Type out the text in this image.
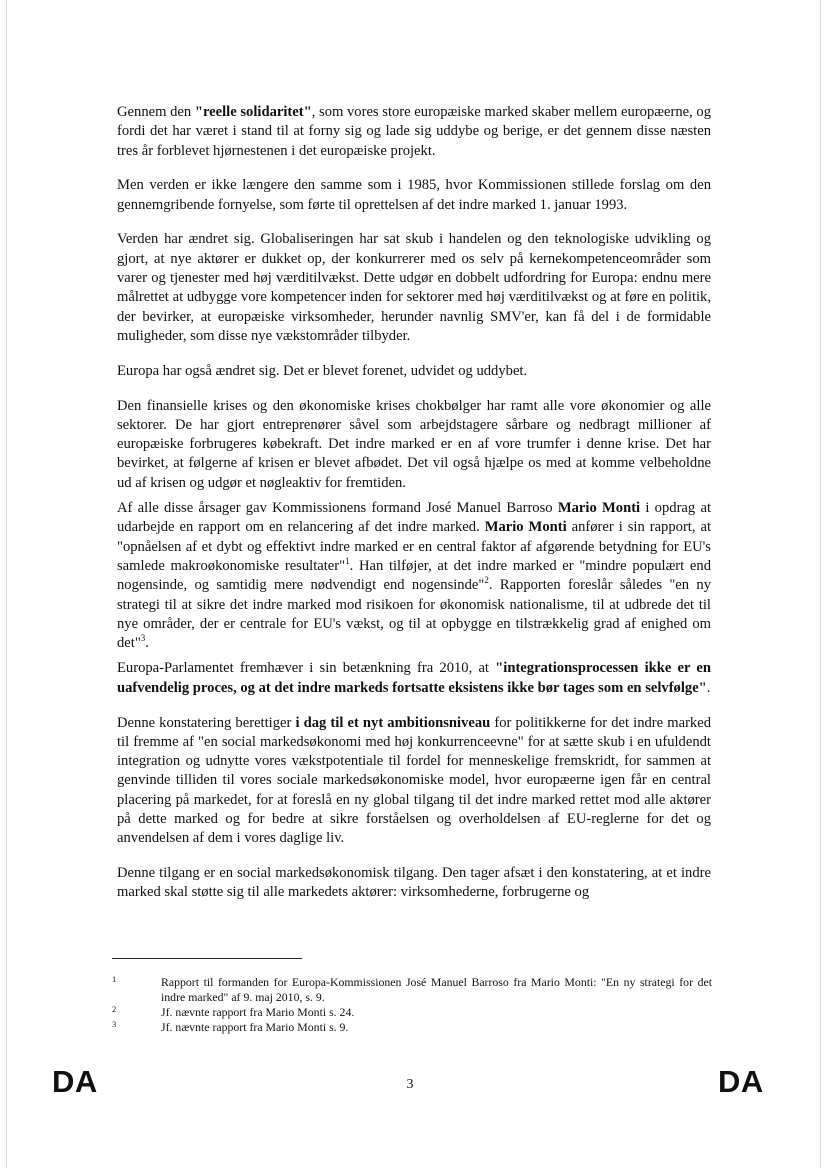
Gennem den "reelle solidaritet", som vores store europæiske marked skaber mellem europæerne, og fordi det har været i stand til at forny sig og lade sig uddybe og berige, er det gennem disse næsten tres år forblevet hjørnestenen i det europæiske projekt.

Men verden er ikke længere den samme som i 1985, hvor Kommissionen stillede forslag om den gennemgribende fornyelse, som førte til oprettelsen af det indre marked 1. januar 1993.

Verden har ændret sig. Globaliseringen har sat skub i handelen og den teknologiske udvikling og gjort, at nye aktører er dukket op, der konkurrerer med os selv på kernekompetenceområder som varer og tjenester med høj værditilvækst. Dette udgør en dobbelt udfordring for Europa: endnu mere målrettet at udbygge vore kompetencer inden for sektorer med høj værditilvækst og at føre en politik, der bevirker, at europæiske virksomheder, herunder navnlig SMV'er, kan få del i de formidable muligheder, som disse nye vækstområder tilbyder.

Europa har også ændret sig. Det er blevet forenet, udvidet og uddybet.

Den finansielle krises og den økonomiske krises chokbølger har ramt alle vore økonomier og alle sektorer. De har gjort entreprenører såvel som arbejdstagere sårbare og nedbragt millioner af europæiske forbrugeres købekraft. Det indre marked er en af vore trumfer i denne krise. Det har bevirket, at følgerne af krisen er blevet afbødet. Det vil også hjælpe os med at komme velbeholdne ud af krisen og udgør et nøgleaktiv for fremtiden.

Af alle disse årsager gav Kommissionens formand José Manuel Barroso Mario Monti i opdrag at udarbejde en rapport om en relancering af det indre marked. Mario Monti anfører i sin rapport, at "opnåelsen af et dybt og effektivt indre marked er en central faktor af afgørende betydning for EU's samlede makroøkonomiske resultater"$^1$. Han tilføjer, at det indre marked er "mindre populært end nogensinde, og samtidig mere nødvendigt end nogensinde"$^2$. Rapporten foreslår således "en ny strategi til at sikre det indre marked mod risikoen for økonomisk nationalisme, til at udbrede det til nye områder, der er centrale for EU's vækst, og til at opbygge en tilstrækkelig grad af enighed om det"$^3$.

Europa-Parlamentet fremhæver i sin betænkning fra 2010, at "integrationsprocessen ikke er en uafvendelig proces, og at det indre markeds fortsatte eksistens ikke bør tages som en selvfølge".

Denne konstatering berettiger i dag til et nyt ambitionsniveau for politikkerne for det indre marked til fremme af "en social markedsøkonomi med høj konkurrenceevne" for at sætte skub i en ufuldendt integration og udnytte vores vækstpotentiale til fordel for menneskelige fremskridt, for sammen at genvinde tilliden til vores sociale markedsøkonomiske model, hvor europæerne igen får en central placering på markedet, for at foreslå en ny global tilgang til det indre marked rettet mod alle aktører på dette marked og for bedre at sikre forståelsen og overholdelsen af EU-reglerne for det og anvendelsen af dem i vores daglige liv.

Denne tilgang er en social markedsøkonomisk tilgang. Den tager afsæt i den konstatering, at et indre marked skal støtte sig til alle markedets aktører: virksomhederne, forbrugerne og

1	Rapport til formanden for Europa-Kommissionen José Manuel Barroso fra Mario Monti: "En ny strategi for det indre marked" af 9. maj 2010, s. 9.

2	Jf. nævnte rapport fra Mario Monti s. 24.

3	Jf. nævnte rapport fra Mario Monti s. 9.

DA	3	DA
